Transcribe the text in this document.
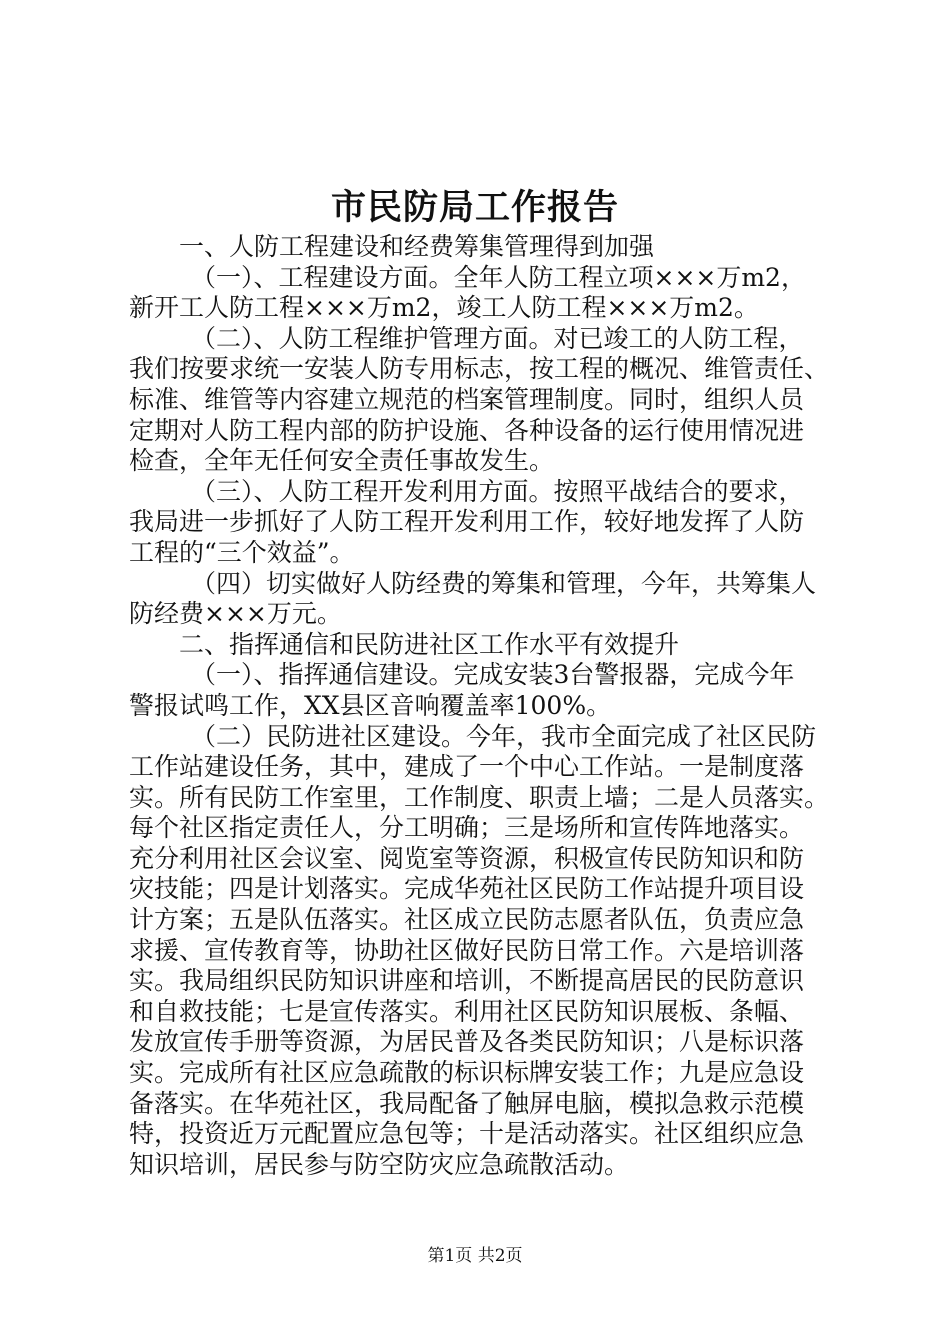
市民防局工作报告
一、人防工程建设和经费筹集管理得到加强
（一）、工程建设方面。全年人防工程立项×××万m2，
新开工人防工程×××万m2，竣工人防工程×××万m2。
（二）、人防工程维护管理方面。对已竣工的人防工程，
我们按要求统一安装人防专用标志，按工程的概况、维管责任、
标准、维管等内容建立规范的档案管理制度。同时，组织人员
定期对人防工程内部的防护设施、各种设备的运行使用情况进
检查，全年无任何安全责任事故发生。
（三）、人防工程开发利用方面。按照平战结合的要求，
我局进一步抓好了人防工程开发利用工作，较好地发挥了人防
工程的“三个效益”。
（四）切实做好人防经费的筹集和管理，今年，共筹集人
防经费×××万元。
二、指挥通信和民防进社区工作水平有效提升
（一）、指挥通信建设。完成安装3台警报器，完成今年
警报试鸣工作，XX县区音响覆盖率100%。
（二）民防进社区建设。今年，我市全面完成了社区民防
工作站建设任务，其中，建成了一个中心工作站。一是制度落
实。所有民防工作室里，工作制度、职责上墙；二是人员落实。
每个社区指定责任人，分工明确；三是场所和宣传阵地落实。
充分利用社区会议室、阅览室等资源，积极宣传民防知识和防
灾技能；四是计划落实。完成华苑社区民防工作站提升项目设
计方案；五是队伍落实。社区成立民防志愿者队伍，负责应急
求援、宣传教育等，协助社区做好民防日常工作。六是培训落
实。我局组织民防知识讲座和培训，不断提高居民的民防意识
和自救技能；七是宣传落实。利用社区民防知识展板、条幅、
发放宣传手册等资源，为居民普及各类民防知识；八是标识落
实。完成所有社区应急疏散的标识标牌安装工作；九是应急设
备落实。在华苑社区，我局配备了触屏电脑，模拟急救示范模
特，投资近万元配置应急包等；十是活动落实。社区组织应急
知识培训，居民参与防空防灾应急疏散活动。
第1页 共2页
